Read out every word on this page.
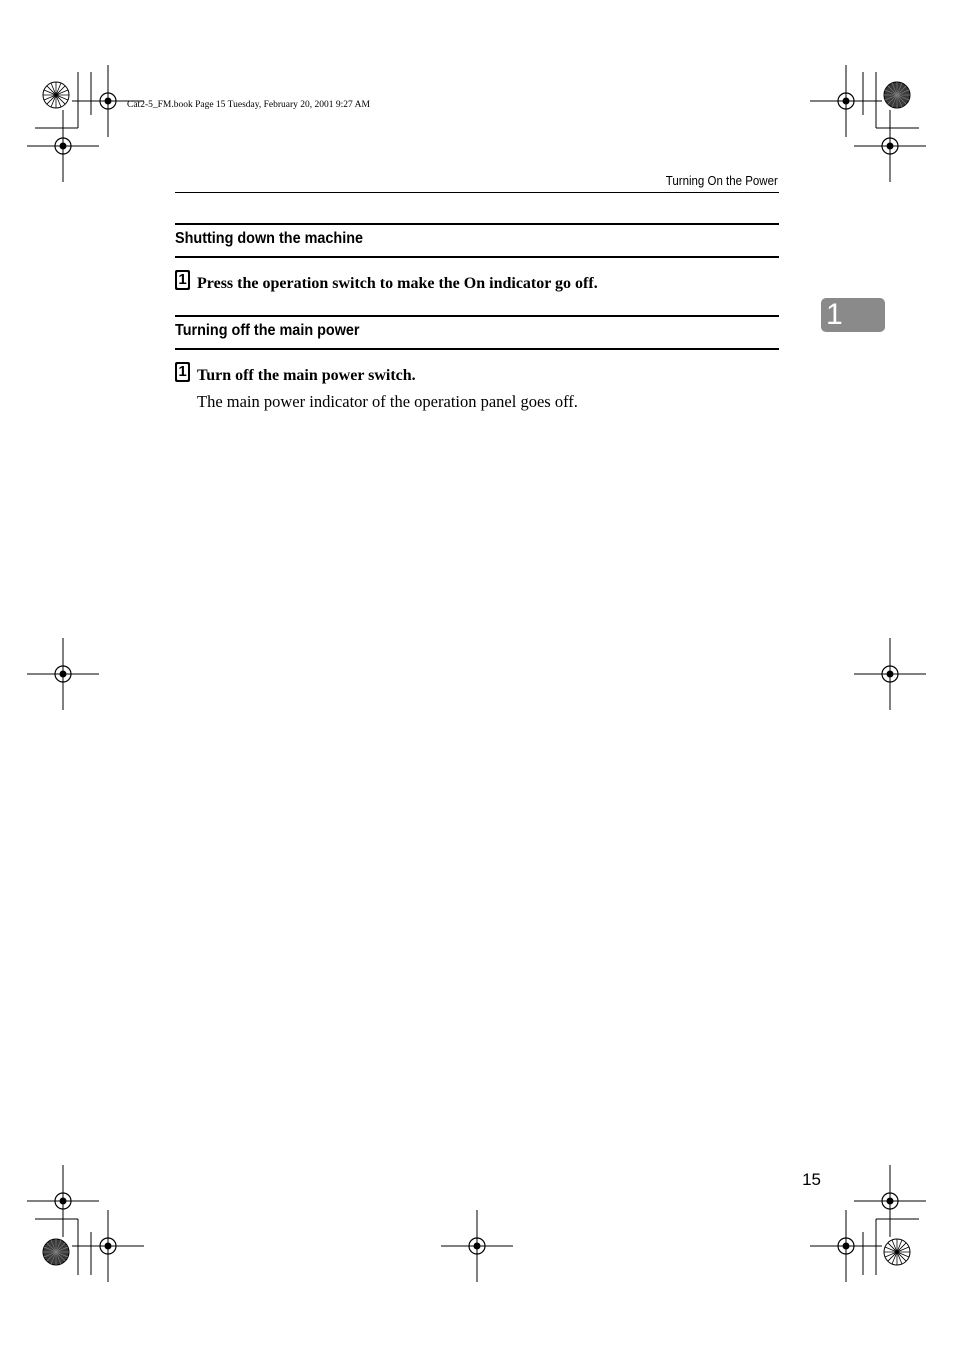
Cat2-5_FM.book Page 15 Tuesday, February 20, 2001 9:27 AM
Turning On the Power
1
Shutting down the machine
1 Press the operation switch to make the On indicator go off.
Turning off the main power
1 Turn off the main power switch.
The main power indicator of the operation panel goes off.
15
